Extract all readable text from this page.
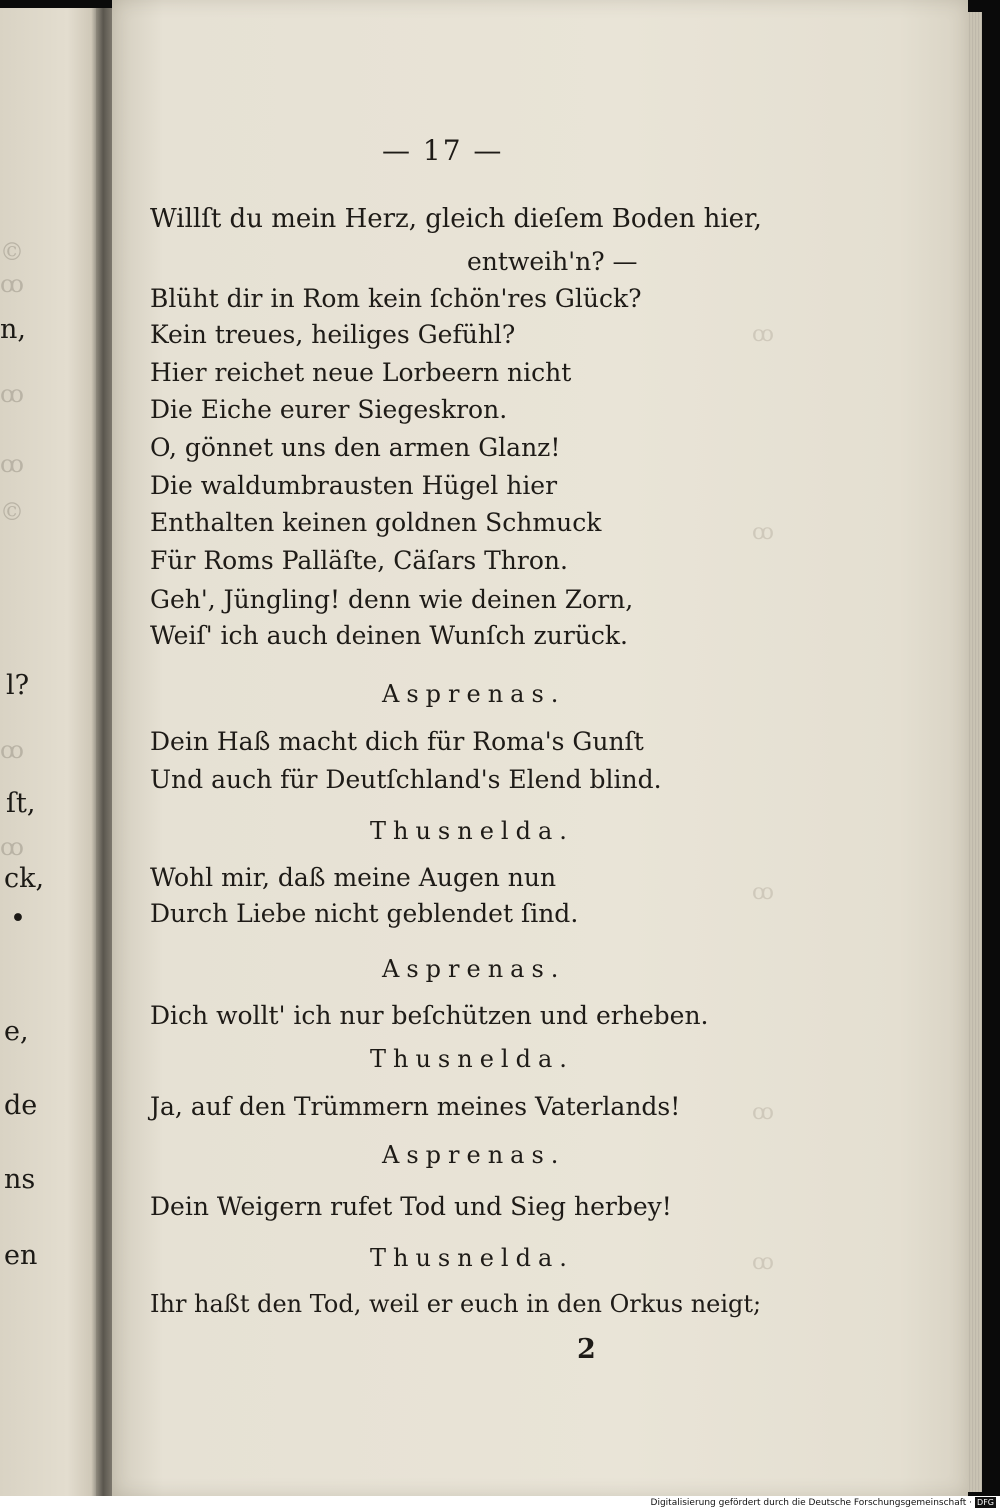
©
ꝏ
n,
ꝏ
ꝏ
©
l?
ꝏ
ſt,
ꝏ
ck,
•
e,
de
ns
en
ꝏ
ꝏ
ꝏ
ꝏ
ꝏ
— 17 —
Willſt du mein Herz, gleich dieſem Boden hier,
entweih'n? —
Blüht dir in Rom kein ſchön'res Glück?
Kein treues, heiliges Gefühl?
Hier reichet neue Lorbeern nicht
Die Eiche eurer Siegeskron.
O, gönnet uns den armen Glanz!
Die waldumbrausten Hügel hier
Enthalten keinen goldnen Schmuck
Für Roms Palläſte, Cäſars Thron.
Geh', Jüngling! denn wie deinen Zorn,
Weiſ' ich auch deinen Wunſch zurück.
Asprenas.
Dein Haß macht dich für Roma's Gunſt
Und auch für Deutſchland's Elend blind.
Thusnelda.
Wohl mir, daß meine Augen nun
Durch Liebe nicht geblendet ſind.
Asprenas.
Dich wollt' ich nur beſchützen und erheben.
Thusnelda.
Ja, auf den Trümmern meines Vaterlands!
Asprenas.
Dein Weigern rufet Tod und Sieg herbey!
Thusnelda.
Ihr haßt den Tod, weil er euch in den Orkus neigt;
2
Digitalisierung gefördert durch die Deutsche Forschungsgemeinschaft · DFG
